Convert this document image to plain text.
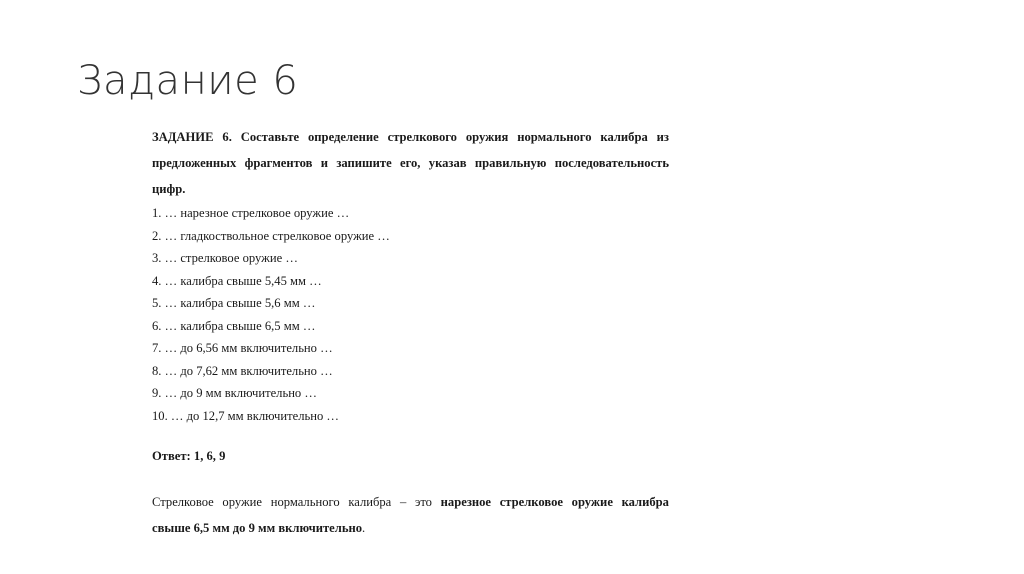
Задание 6

ЗАДАНИЕ 6. Составьте определение стрелкового оружия нормального калибра из
предложенных фрагментов и запишите его, указав правильную последовательность
цифр.

1. … нарезное стрелковое оружие …
2. … гладкоствольное стрелковое оружие …
3. … стрелковое оружие …
4. … калибра свыше 5,45 мм …
5. … калибра свыше 5,6 мм …
6. … калибра свыше 6,5 мм …
7. … до 6,56 мм включительно …
8. … до 7,62 мм включительно …
9. … до 9 мм включительно …
10. … до 12,7 мм включительно …

Ответ: 1, 6, 9

Стрелковое оружие нормального калибра – это нарезное стрелковое оружие калибра
свыше 6,5 мм до 9 мм включительно.
